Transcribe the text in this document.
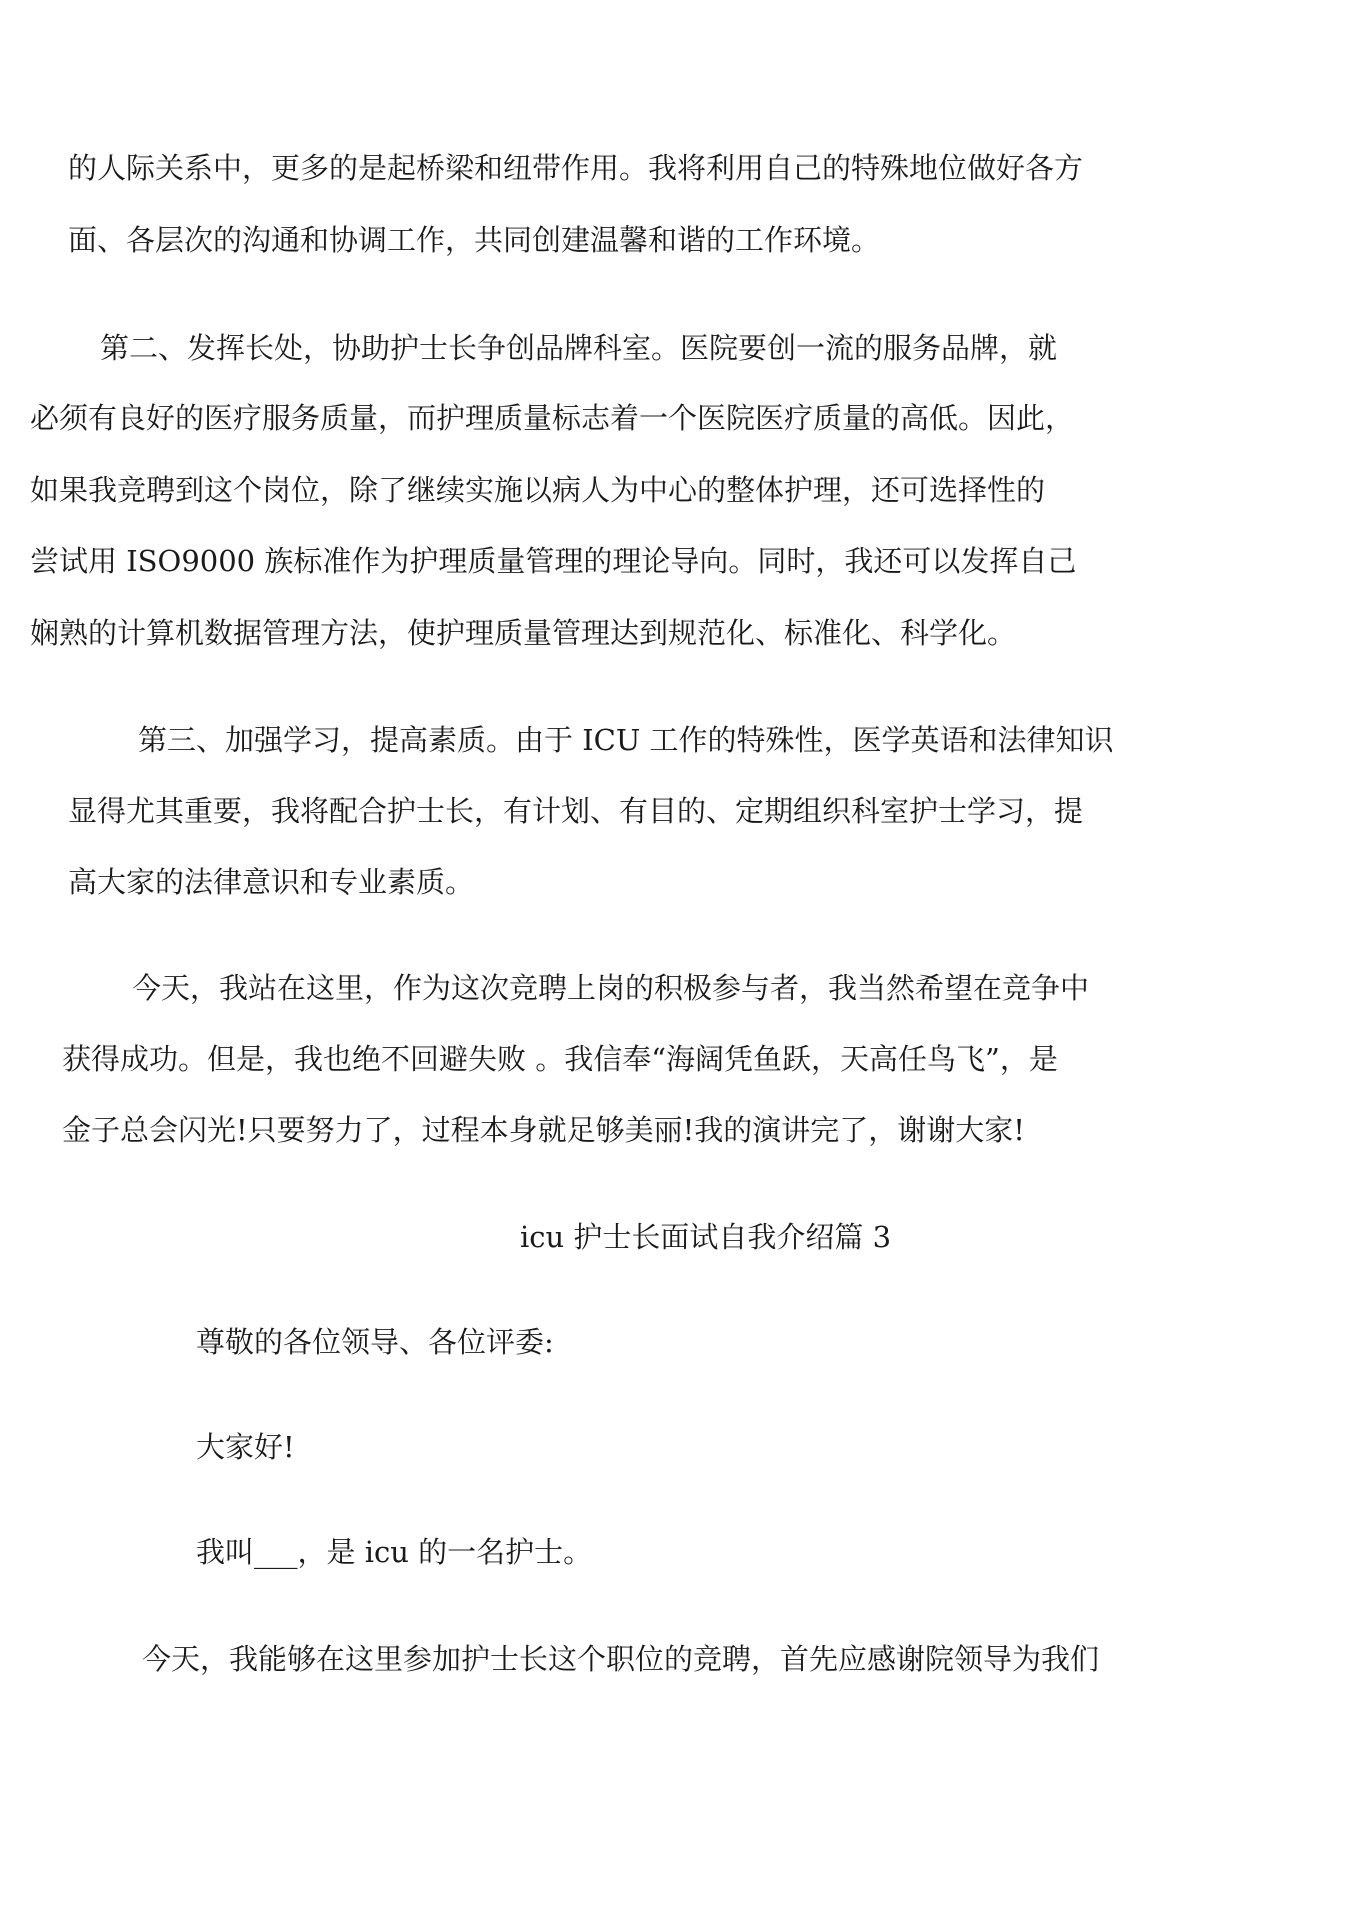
的人际关系中，更多的是起桥梁和纽带作用。我将利用自己的特殊地位做好各方
面、各层次的沟通和协调工作，共同创建温馨和谐的工作环境。
第二、发挥长处，协助护士长争创品牌科室。医院要创一流的服务品牌，就
必须有良好的医疗服务质量，而护理质量标志着一个医院医疗质量的高低。因此，
如果我竞聘到这个岗位，除了继续实施以病人为中心的整体护理，还可选择性的
尝试用 ISO9000 族标准作为护理质量管理的理论导向。同时，我还可以发挥自己
娴熟的计算机数据管理方法，使护理质量管理达到规范化、标准化、科学化。
第三、加强学习，提高素质。由于 ICU 工作的特殊性，医学英语和法律知识
显得尤其重要，我将配合护士长，有计划、有目的、定期组织科室护士学习，提
高大家的法律意识和专业素质。
今天，我站在这里，作为这次竞聘上岗的积极参与者，我当然希望在竞争中
获得成功。但是，我也绝不回避失败 。我信奉“海阔凭鱼跃，天高任鸟飞”，是
金子总会闪光!只要努力了，过程本身就足够美丽!我的演讲完了，谢谢大家!
icu 护士长面试自我介绍篇 3
尊敬的各位领导、各位评委:
大家好!
我叫___，是 icu 的一名护士。
今天，我能够在这里参加护士长这个职位的竞聘，首先应感谢院领导为我们
